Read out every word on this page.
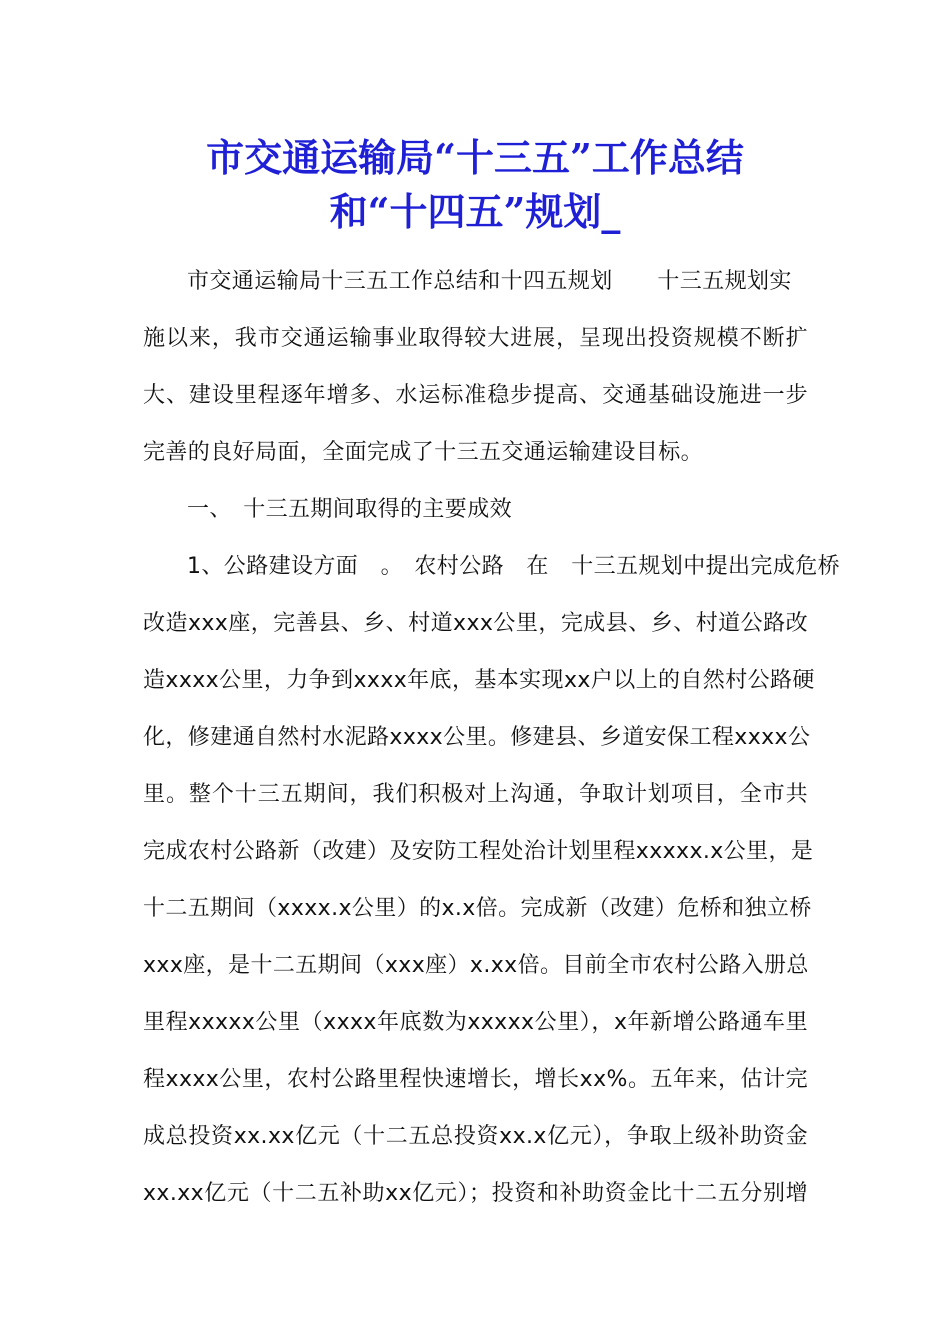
市交通运输局“十三五”工作总结
和“十四五”规划_
市交通运输局十三五工作总结和十四五规划　　十三五规划实
施以来，我市交通运输事业取得较大进展，呈现出投资规模不断扩
大、建设里程逐年增多、水运标准稳步提高、交通基础设施进一步
完善的良好局面，全面完成了十三五交通运输建设目标。
一、　十三五期间取得的主要成效
1、公路建设方面　。　农村公路　在　十三五规划中提出完成危桥
改造xxx座，完善县、乡、村道xxx公里，完成县、乡、村道公路改
造xxxx公里，力争到xxxx年底，基本实现xx户以上的自然村公路硬
化，修建通自然村水泥路xxxx公里。修建县、乡道安保工程xxxx公
里。整个十三五期间，我们积极对上沟通，争取计划项目，全市共
完成农村公路新（改建）及安防工程处治计划里程xxxxx.x公里，是
十二五期间（xxxx.x公里）的x.x倍。完成新（改建）危桥和独立桥
xxx座，是十二五期间（xxx座）x.xx倍。目前全市农村公路入册总
里程xxxxx公里（xxxx年底数为xxxxx公里），x年新增公路通车里
程xxxx公里，农村公路里程快速增长，增长xx%。五年来，估计完
成总投资xx.xx亿元（十二五总投资xx.x亿元），争取上级补助资金
xx.xx亿元（十二五补助xx亿元）；投资和补助资金比十二五分别增
